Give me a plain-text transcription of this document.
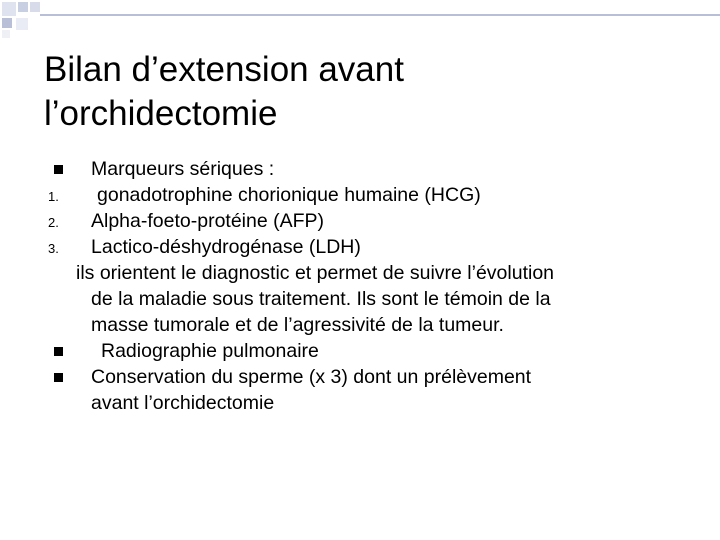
Bilan d’extension avant
l’orchidectomie
Marqueurs sériques :
1. gonadotrophine chorionique humaine (HCG)
2. Alpha-foeto-protéine (AFP)
3. Lactico-déshydrogénase (LDH)
ils orientent le diagnostic et permet de suivre l’évolution
de la maladie sous traitement. Ils sont le témoin de la
masse tumorale et de l’agressivité de la tumeur.
Radiographie pulmonaire
Conservation du sperme (x 3) dont un prélèvement
avant l’orchidectomie
